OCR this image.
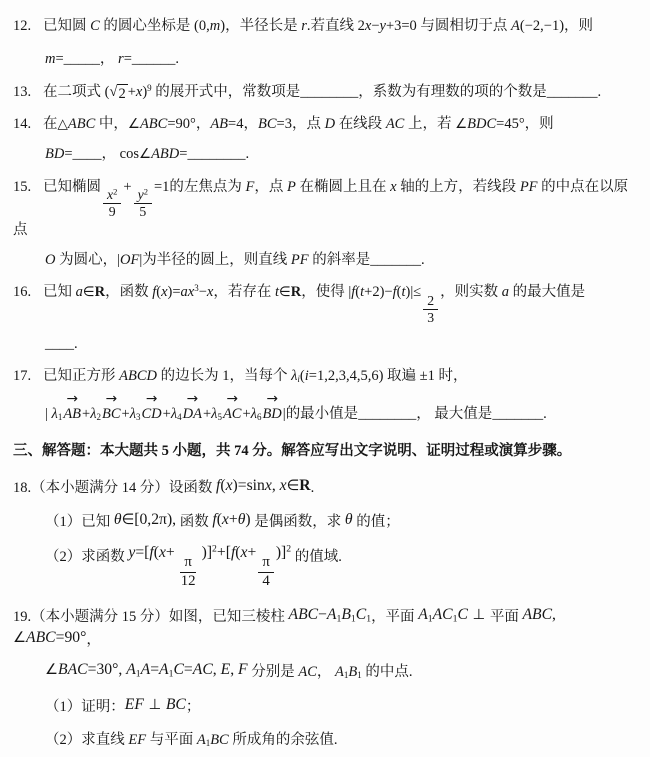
12. 已知圆 C 的圆心坐标是 (0,m)，半径长是 r.若直线 2x−y+3=0 与圆相切于点 A(−2,−1)，则
m=_____， r=______.
13. 在二项式 ( √ 2 +x)$^9$ 的展开式中，常数项是________，系数为有理数的项的个数是_______.
14. 在△ABC 中，∠ABC=90°，AB=4，BC=3，点 D 在线段 AC 上，若 ∠BDC=45°，则
BD=____， cos∠ABD=________.
15. 已知椭圆
$\frac{x^2}{9}$
+
$\frac{y^2}{5}$
=1的左焦点为 F，点 P 在椭圆上且在 x 轴的上方，若线段 PF 的中点在以原点
O 为圆心，|OF|为半径的圆上，则直线 PF 的斜率是_______.
16. 已知 a∈R，函数 $f(x)=ax^3-x$，若存在 t∈R，使得 |f(t+2)−f(t)|≤
$\frac{2}{3}$
，则实数 a 的最大值是
____.
17. 已知正方形 ABCD 的边长为 1，当每个 $\lambda_i(i=1,2,3,4,5,6)$ 取遍 ±1 时，
| $\lambda_1$
→
$AB+\lambda_2$
→
$BC+\lambda_3$
→
$CD+\lambda_4$
→
$DA+\lambda_5$
→
$AC+\lambda_6$
→
BD|的最小值是________， 最大值是_______.
三、解答题：本大题共 5 小题，共 74 分。解答应写出文字说明、证明过程或演算步骤。
18.（本小题满分 14 分）设函数 f(x)=sinx, x∈R.
（1）已知 θ∈[0,2π), 函数 f(x+θ) 是偶函数，求 θ 的值；
（2）求函数 y=[f(x+
$\frac{\pi}{12}$
)]$^2$+[f(x+
$\frac{\pi}{4}$
)]$^2$ 的值域.
19.（本小题满分 15 分）如图，已知三棱柱 $ABC-A_1B_1C_1$，平面 $A_1AC_1C$ ⊥ 平面 ABC, ∠ABC=90°，
∠BAC=30°, $A_1A=A_1C=AC$, E, F 分别是 AC， $A_1B_1$ 的中点.
（1）证明：EF ⊥ BC；
（2）求直线 EF 与平面 $A_1BC$ 所成角的余弦值.
